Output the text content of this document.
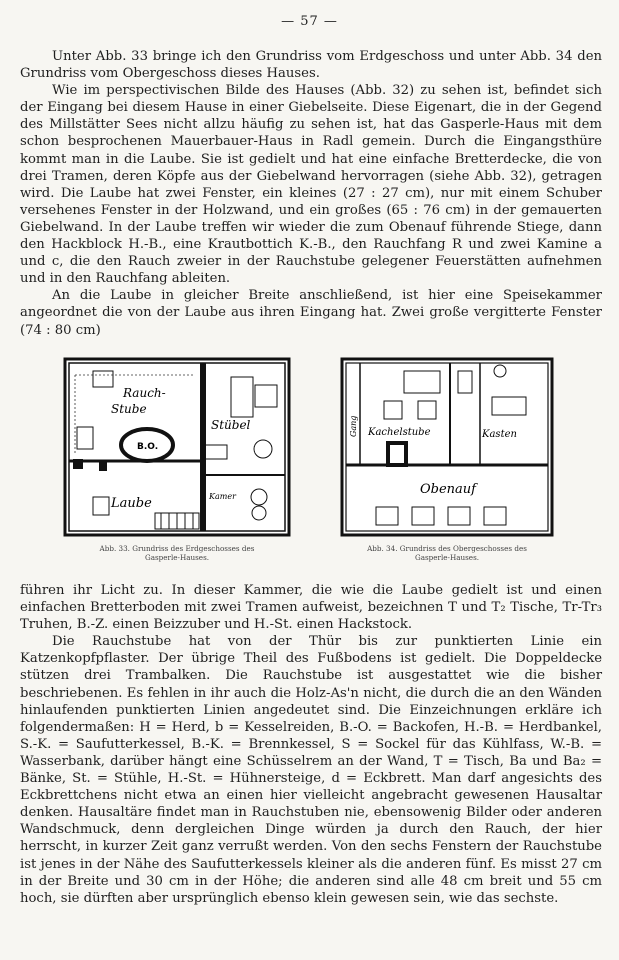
— 57 —

Unter Abb. 33 bringe ich den Grundriss vom Erdgeschoss und unter Abb. 34 den Grundriss vom Obergeschoss dieses Hauses.

Wie im perspectivischen Bilde des Hauses (Abb. 32) zu sehen ist, befindet sich der Eingang bei diesem Hause in einer Giebelseite. Diese Eigenart, die in der Gegend des Millstätter Sees nicht allzu häufig zu sehen ist, hat das Gasperle-Haus mit dem schon besprochenen Mauerbauer-Haus in Radl gemein. Durch die Eingangsthüre kommt man in die Laube. Sie ist gedielt und hat eine einfache Bretterdecke, die von drei Tramen, deren Köpfe aus der Giebelwand hervorragen (siehe Abb. 32), getragen wird. Die Laube hat zwei Fenster, ein kleines (27 : 27 cm), nur mit einem Schuber versehenes Fenster in der Holzwand, und ein großes (65 : 76 cm) in der gemauerten Giebelwand. In der Laube treffen wir wieder die zum Obenauf führende Stiege, dann den Hackblock H.-B., eine Krautbottich K.-B., den Rauchfang R und zwei Kamine a und c, die den Rauch zweier in der Rauchstube gelegener Feuerstätten aufnehmen und in den Rauchfang ableiten.

An die Laube in gleicher Breite anschließend, ist hier eine Speisekammer angeordnet die von der Laube aus ihren Eingang hat. Zwei große vergitterte Fenster (74 : 80 cm)

Rauch-
Stube
Stübel
B.O.
Laube	Kamer
Abb. 33. Grundriss des Erdgeschosses des
Gasperle-Hauses.
Kachelstube	Kasten
Obenauf
Gang
Abb. 34. Grundriss des Obergeschosses des
Gasperle-Hauses.

führen ihr Licht zu. In dieser Kammer, die wie die Laube gedielt ist und einen einfachen Bretterboden mit zwei Tramen aufweist, bezeichnen T und T₂ Tische, Tr-Tr₃ Truhen, B.-Z. einen Beizzuber und H.-St. einen Hackstock.

Die Rauchstube hat von der Thür bis zur punktierten Linie ein Katzenkopfpflaster. Der übrige Theil des Fußbodens ist gedielt. Die Doppeldecke stützen drei Trambalken. Die Rauchstube ist ausgestattet wie die bisher beschriebenen. Es fehlen in ihr auch die Holz-As'n nicht, die durch die an den Wänden hinlaufenden punktierten Linien angedeutet sind. Die Einzeichnungen erkläre ich folgendermaßen: H = Herd, b = Kesselreiden, B.-O. = Backofen, H.-B. = Herdbankel, S.-K. = Saufutterkessel, B.-K. = Brennkessel, S = Sockel für das Kühlfass, W.-B. = Wasserbank, darüber hängt eine Schüsselrem an der Wand, T = Tisch, Ba und Ba₂ = Bänke, St. = Stühle, H.-St. = Hühnersteige, d = Eckbrett. Man darf angesichts des Eckbrettchens nicht etwa an einen hier vielleicht angebracht gewesenen Hausaltar denken. Hausaltäre findet man in Rauchstuben nie, ebensowenig Bilder oder anderen Wandschmuck, denn dergleichen Dinge würden ja durch den Rauch, der hier herrscht, in kurzer Zeit ganz verrußt werden. Von den sechs Fenstern der Rauchstube ist jenes in der Nähe des Saufutterkessels kleiner als die anderen fünf. Es misst 27 cm in der Breite und 30 cm in der Höhe; die anderen sind alle 48 cm breit und 55 cm hoch, sie dürften aber ursprünglich ebenso klein gewesen sein, wie das sechste.
